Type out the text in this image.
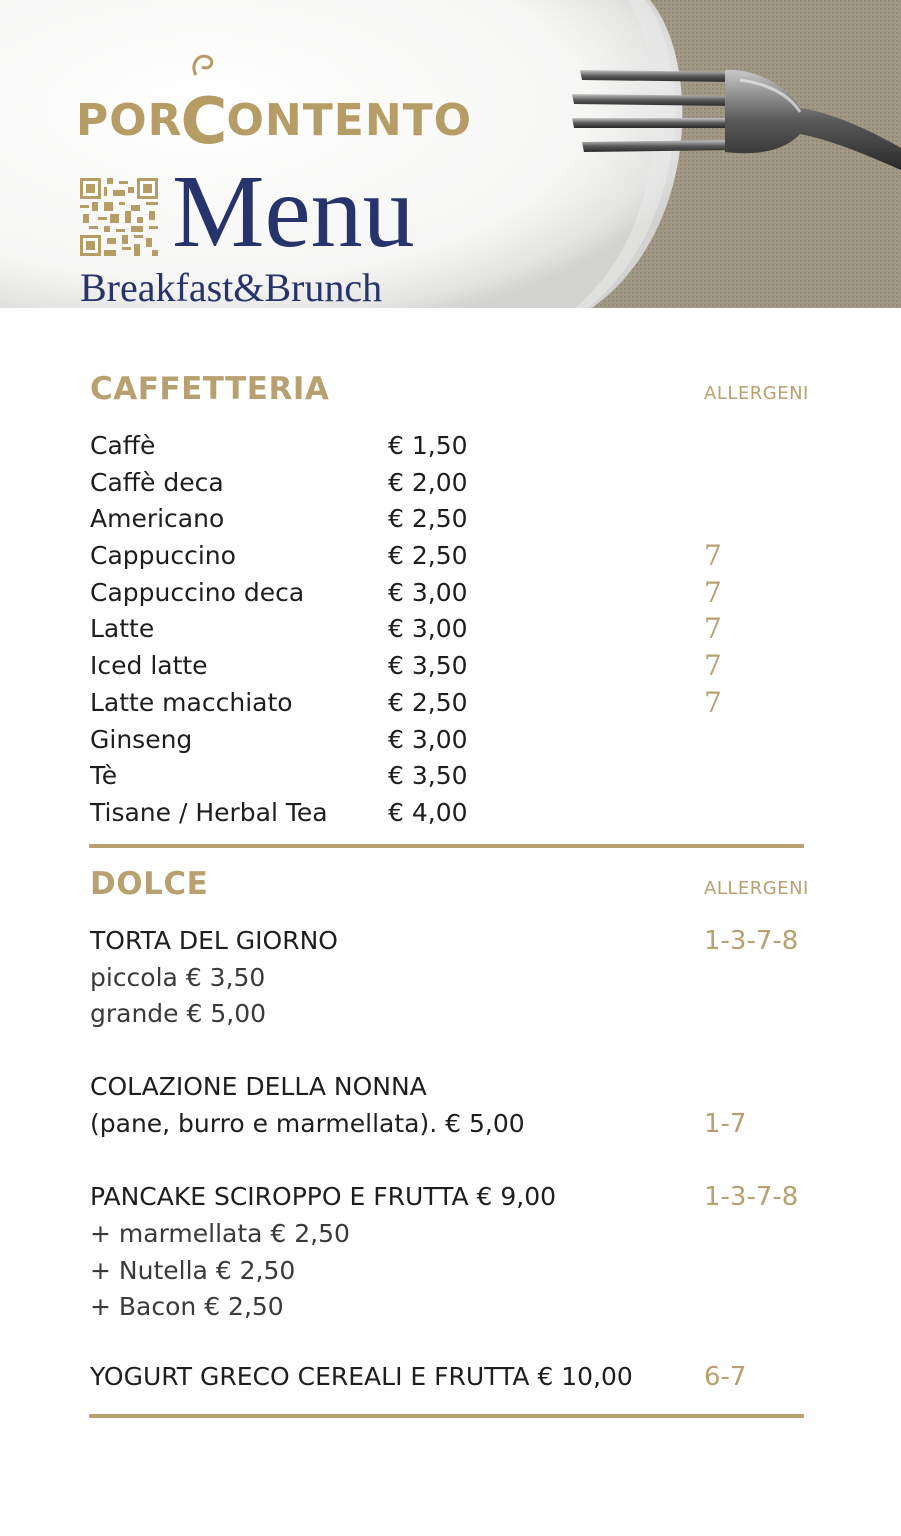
PORCONTENTO
Menu
Breakfast&Brunch
CAFFETTERIA	ALLERGENI
Caffè	€ 1,50
Caffè deca	€ 2,00
Americano	€ 2,50
Cappuccino	€ 2,50	7
Cappuccino deca	€ 3,00	7
Latte	€ 3,00	7
Iced latte	€ 3,50	7
Latte macchiato	€ 2,50	7
Ginseng	€ 3,00
Tè	€ 3,50
Tisane / Herbal Tea € 4,00
DOLCE	ALLERGENI
TORTA DEL GIORNO	1-3-7-8
piccola € 3,50
grande € 5,00
COLAZIONE DELLA NONNA
(pane, burro e marmellata). € 5,00	1-7
PANCAKE SCIROPPO E FRUTTA € 9,00	1-3-7-8
+ marmellata € 2,50
+ Nutella € 2,50
+ Bacon € 2,50
YOGURT GRECO CEREALI E FRUTTA € 10,00	6-7
